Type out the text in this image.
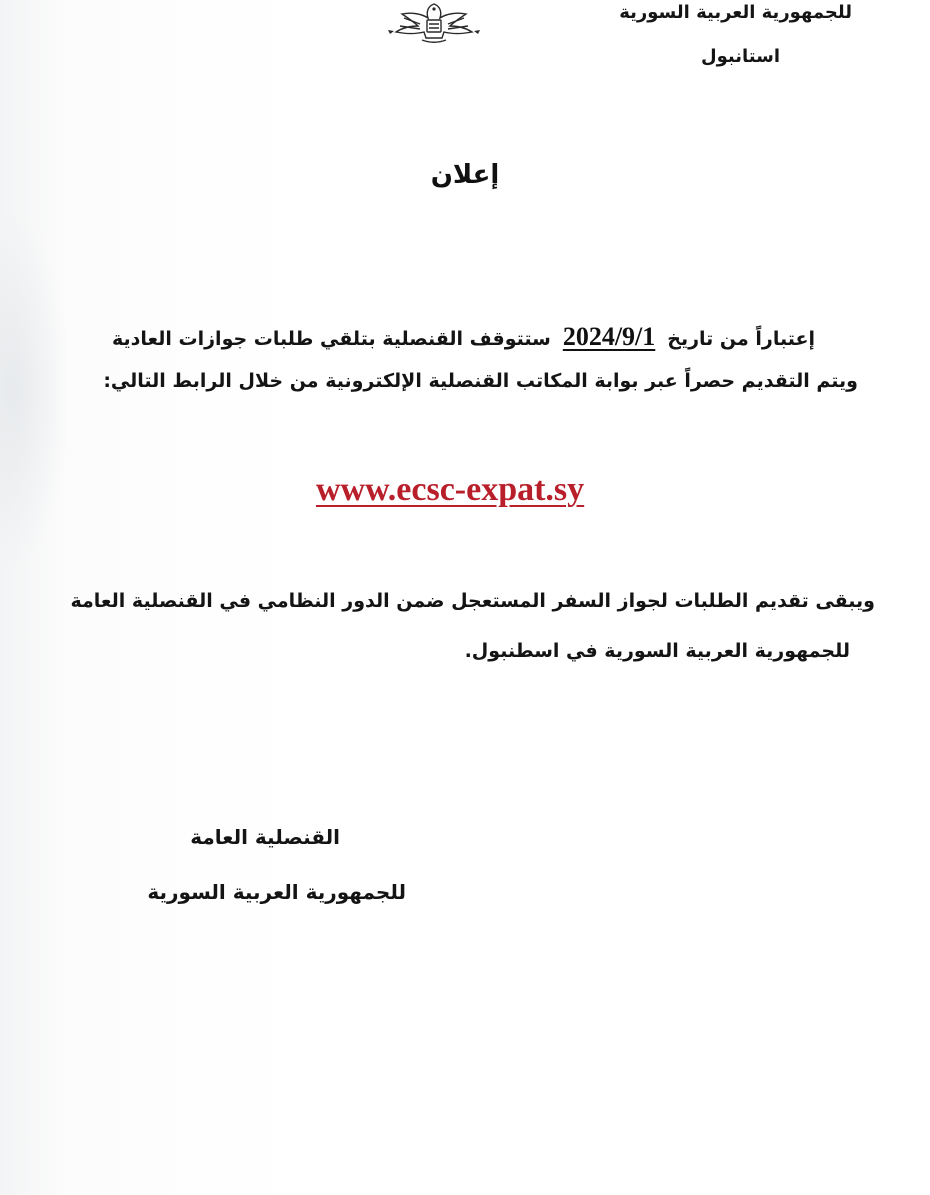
للجمهورية العربية السورية
استانبول
إعلان
إعتباراً من تاريخ2024/9/1ستتوقف القنصلية بتلقي طلبات جوازات العادية
ويتم التقديم حصراً عبر بوابة المكاتب القنصلية الإلكترونية من خلال الرابط التالي:
www.ecsc-expat.sy
ويبقى تقديم الطلبات لجواز السفر المستعجل ضمن الدور النظامي في القنصلية العامة
للجمهورية العربية السورية في اسطنبول.
القنصلية العامة
للجمهورية العربية السورية
